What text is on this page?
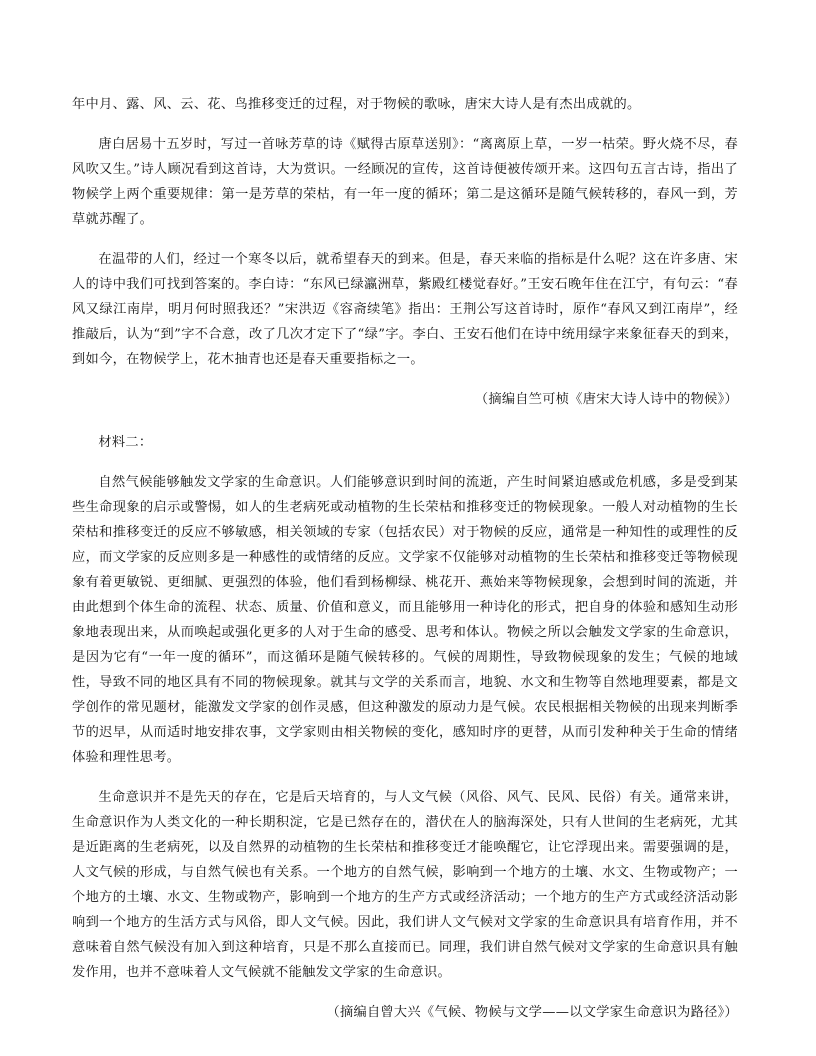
年中月、露、风、云、花、鸟推移变迁的过程，对于物候的歌咏，唐宋大诗人是有杰出成就的。

唐白居易十五岁时，写过一首咏芳草的诗《赋得古原草送别》：“离离原上草，一岁一枯荣。野火烧不尽，春风吹又生。”诗人顾况看到这首诗，大为赏识。一经顾况的宣传，这首诗便被传颂开来。这四句五言古诗，指出了物候学上两个重要规律：第一是芳草的荣枯，有一年一度的循环；第二是这循环是随气候转移的，春风一到，芳草就苏醒了。

在温带的人们，经过一个寒冬以后，就希望春天的到来。但是，春天来临的指标是什么呢？这在许多唐、宋人的诗中我们可找到答案的。李白诗：“东风已绿瀛洲草，紫殿红楼觉春好。”王安石晚年住在江宁，有句云：“春风又绿江南岸，明月何时照我还？”宋洪迈《容斋续笔》指出：王荆公写这首诗时，原作“春风又到江南岸”，经推敲后，认为“到”字不合意，改了几次才定下了“绿”字。李白、王安石他们在诗中统用绿字来象征春天的到来，到如今，在物候学上，花木抽青也还是春天重要指标之一。

（摘编自竺可桢《唐宋大诗人诗中的物候》）

材料二：

自然气候能够触发文学家的生命意识。人们能够意识到时间的流逝，产生时间紧迫感或危机感，多是受到某些生命现象的启示或警惕，如人的生老病死或动植物的生长荣枯和推移变迁的物候现象。一般人对动植物的生长荣枯和推移变迁的反应不够敏感，相关领域的专家（包括农民）对于物候的反应，通常是一种知性的或理性的反应，而文学家的反应则多是一种感性的或情绪的反应。文学家不仅能够对动植物的生长荣枯和推移变迁等物候现象有着更敏锐、更细腻、更强烈的体验，他们看到杨柳绿、桃花开、燕始来等物候现象，会想到时间的流逝，并由此想到个体生命的流程、状态、质量、价值和意义，而且能够用一种诗化的形式，把自身的体验和感知生动形象地表现出来，从而唤起或强化更多的人对于生命的感受、思考和体认。物候之所以会触发文学家的生命意识，是因为它有“一年一度的循环”，而这循环是随气候转移的。气候的周期性，导致物候现象的发生；气候的地域性，导致不同的地区具有不同的物候现象。就其与文学的关系而言，地貌、水文和生物等自然地理要素，都是文学创作的常见题材，能激发文学家的创作灵感，但这种激发的原动力是气候。农民根据相关物候的出现来判断季节的迟早，从而适时地安排农事，文学家则由相关物候的变化，感知时序的更替，从而引发种种关于生命的情绪体验和理性思考。

生命意识并不是先天的存在，它是后天培育的，与人文气候（风俗、风气、民风、民俗）有关。通常来讲，生命意识作为人类文化的一种长期积淀，它是已然存在的，潜伏在人的脑海深处，只有人世间的生老病死，尤其是近距离的生老病死，以及自然界的动植物的生长荣枯和推移变迁才能唤醒它，让它浮现出来。需要强调的是，人文气候的形成，与自然气候也有关系。一个地方的自然气候，影响到一个地方的土壤、水文、生物或物产；一个地方的土壤、水文、生物或物产，影响到一个地方的生产方式或经济活动；一个地方的生产方式或经济活动影响到一个地方的生活方式与风俗，即人文气候。因此，我们讲人文气候对文学家的生命意识具有培育作用，并不意味着自然气候没有加入到这种培育，只是不那么直接而已。同理，我们讲自然气候对文学家的生命意识具有触发作用，也并不意味着人文气候就不能触发文学家的生命意识。

（摘编自曾大兴《气候、物候与文学——以文学家生命意识为路径》）
